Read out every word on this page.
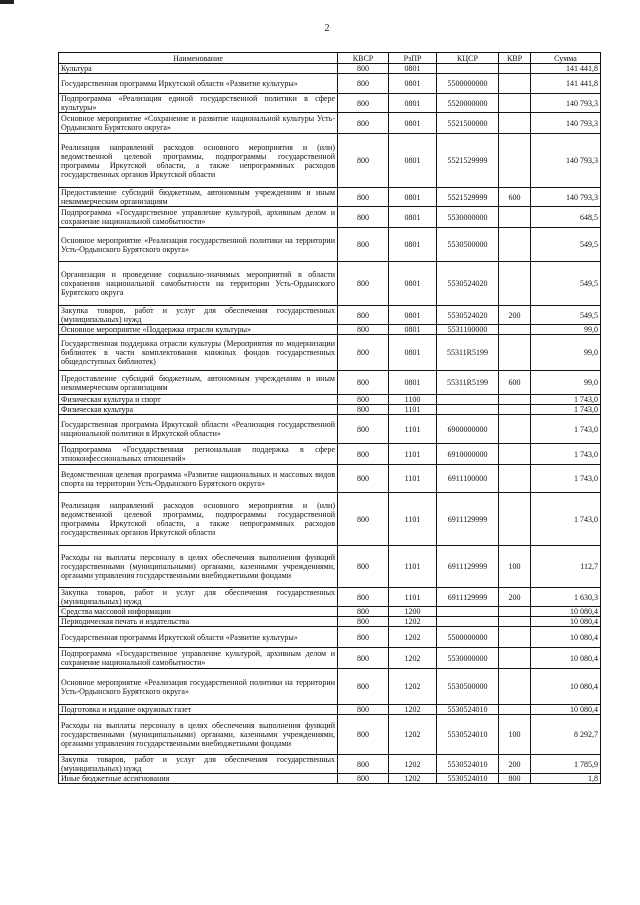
2
Наименование	КВСР	РзПР	КЦСР	КВР	Сумма
Культура	800	0801			141 441,8
Государственная программа Иркутской области «Развитие культуры»	800	0801	5500000000		141 441,8
Подпрограмма «Реализация единой государственной политики в сфере культуры»	800	0801	5520000000		140 793,3
Основное мероприятие «Сохранение и развитие национальной культуры Усть-Ордынского Бурятского округа»	800	0801	5521500000		140 793,3
Реализация направлений расходов основного мероприятия и (или) ведомственной целевой программы, подпрограммы государственной программы Иркутской области, а также непрограммных расходов государственных органов Иркутской области	800	0801	5521529999		140 793,3
Предоставление субсидий бюджетным, автономным учреждениям и иным некоммерческим организациям	800	0801	5521529999	600	140 793,3
Подпрограмма «Государственное управление культурой, архивным делом и сохранение национальной самобытности»	800	0801	5530000000		648,5
Основное мероприятие «Реализация государственной политики на территории Усть-Ордынского Бурятского округа»	800	0801	5530500000		549,5
Организация и проведение социально-значимых мероприятий в области сохранения национальной самобытности на территории Усть-Ордынского Бурятского округа	800	0801	5530524020		549,5
Закупка товаров, работ и услуг для обеспечения государственных (муниципальных) нужд	800	0801	5530524020	200	549,5
Основное мероприятие «Поддержка отрасли культуры»	800	0801	5531100000		99,0
Государственная поддержка отрасли культуры (Мероприятия по модернизации библиотек в части комплектования книжных фондов государственных общедоступных библиотек)	800	0801	55311R5199		99,0
Предоставление субсидий бюджетным, автономным учреждениям и иным некоммерческим организациям	800	0801	55311R5199	600	99,0
Физическая культура и спорт	800	1100			1 743,0
Физическая культура	800	1101			1 743,0
Государственная программа Иркутской области «Реализация государственной национальной политики в Иркутской области»	800	1101	6900000000		1 743,0
Подпрограмма «Государственная региональная поддержка в сфере этноконфессиональных отношений»	800	1101	6910000000		1 743,0
Ведомственная целевая программа «Развитие национальных и массовых видов спорта на территории Усть-Ордынского Бурятского округа»	800	1101	6911100000		1 743,0
Реализация направлений расходов основного мероприятия и (или) ведомственной целевой программы, подпрограммы государственной программы Иркутской области, а также непрограммных расходов государственных органов Иркутской области	800	1101	6911129999		1 743,0
Расходы на выплаты персоналу в целях обеспечения выполнения функций государственными (муниципальными) органами, казенными учреждениями, органами управления государственными внебюджетными фондами	800	1101	6911129999	100	112,7
Закупка товаров, работ и услуг для обеспечения государственных (муниципальных) нужд	800	1101	6911129999	200	1 630,3
Средства массовой информации	800	1200			10 080,4
Периодическая печать и издательства	800	1202			10 080,4
Государственная программа Иркутской области «Развитие культуры»	800	1202	5500000000		10 080,4
Подпрограмма «Государственное управление культурой, архивным делом и сохранение национальной самобытности»	800	1202	5530000000		10 080,4
Основное мероприятие «Реализация государственной политики на территории Усть-Ордынского Бурятского округа»	800	1202	5530500000		10 080,4
Подготовка и издание окружных газет	800	1202	5530524010		10 080,4
Расходы на выплаты персоналу в целях обеспечения выполнения функций государственными (муниципальными) органами, казенными учреждениями, органами управления государственными внебюджетными фондами	800	1202	5530524010	100	8 292,7
Закупка товаров, работ и услуг для обеспечения государственных (муниципальных) нужд	800	1202	5530524010	200	1 785,9
Иные бюджетные ассигнования	800	1202	5530524010	800	1,8
